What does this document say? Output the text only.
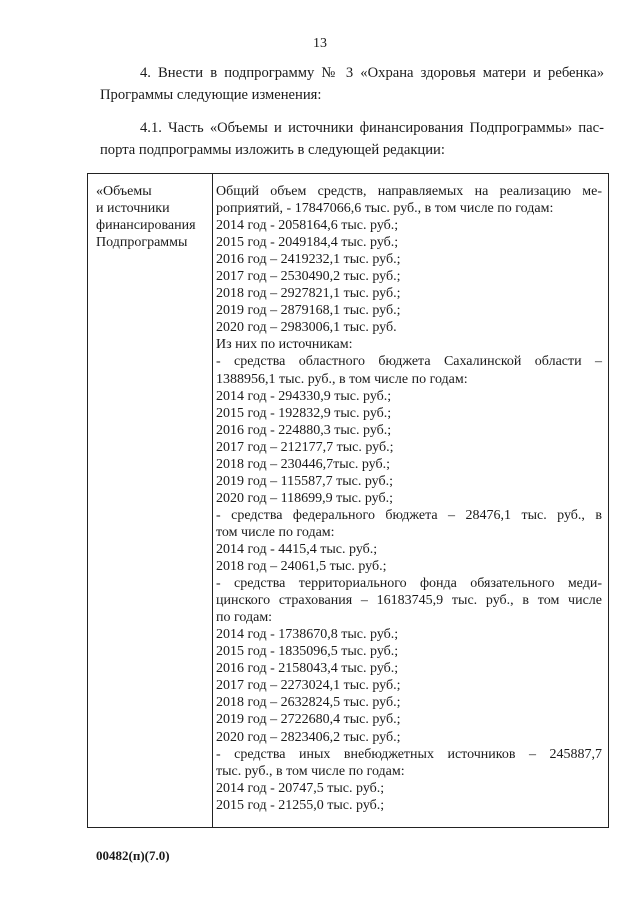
13
4. Внести в подпрограмму № 3 «Охрана здоровья матери и ребенка»
Программы следующие изменения:
4.1. Часть «Объемы и источники финансирования Подпрограммы» пас-
порта подпрограммы изложить в следующей редакции:
«Объемы
и источники
финансирования
Подпрограммы
Общий объем средств, направляемых на реализацию ме-
роприятий, - 17847066,6 тыс. руб., в том числе по годам:
2014 год - 2058164,6 тыс. руб.;
2015 год - 2049184,4 тыс. руб.;
2016 год – 2419232,1 тыс. руб.;
2017 год – 2530490,2 тыс. руб.;
2018 год – 2927821,1 тыс. руб.;
2019 год – 2879168,1 тыс. руб.;
2020 год – 2983006,1 тыс. руб.
Из них по источникам:
- средства областного бюджета Сахалинской области –
1388956,1 тыс. руб., в том числе по годам:
2014 год - 294330,9 тыс. руб.;
2015 год - 192832,9 тыс. руб.;
2016 год - 224880,3 тыс. руб.;
2017 год – 212177,7 тыс. руб.;
2018 год – 230446,7тыс. руб.;
2019 год – 115587,7 тыс. руб.;
2020 год – 118699,9 тыс. руб.;
- средства федерального бюджета – 28476,1 тыс. руб., в
том числе по годам:
2014 год - 4415,4 тыс. руб.;
2018 год – 24061,5 тыс. руб.;
- средства территориального фонда обязательного меди-
цинского страхования – 16183745,9 тыс. руб., в том числе
по годам:
2014 год - 1738670,8 тыс. руб.;
2015 год - 1835096,5 тыс. руб.;
2016 год - 2158043,4 тыс. руб.;
2017 год – 2273024,1 тыс. руб.;
2018 год – 2632824,5 тыс. руб.;
2019 год – 2722680,4 тыс. руб.;
2020 год – 2823406,2 тыс. руб.;
- средства иных внебюджетных источников – 245887,7
тыс. руб., в том числе по годам:
2014 год - 20747,5 тыс. руб.;
2015 год - 21255,0 тыс. руб.;
00482(п)(7.0)
